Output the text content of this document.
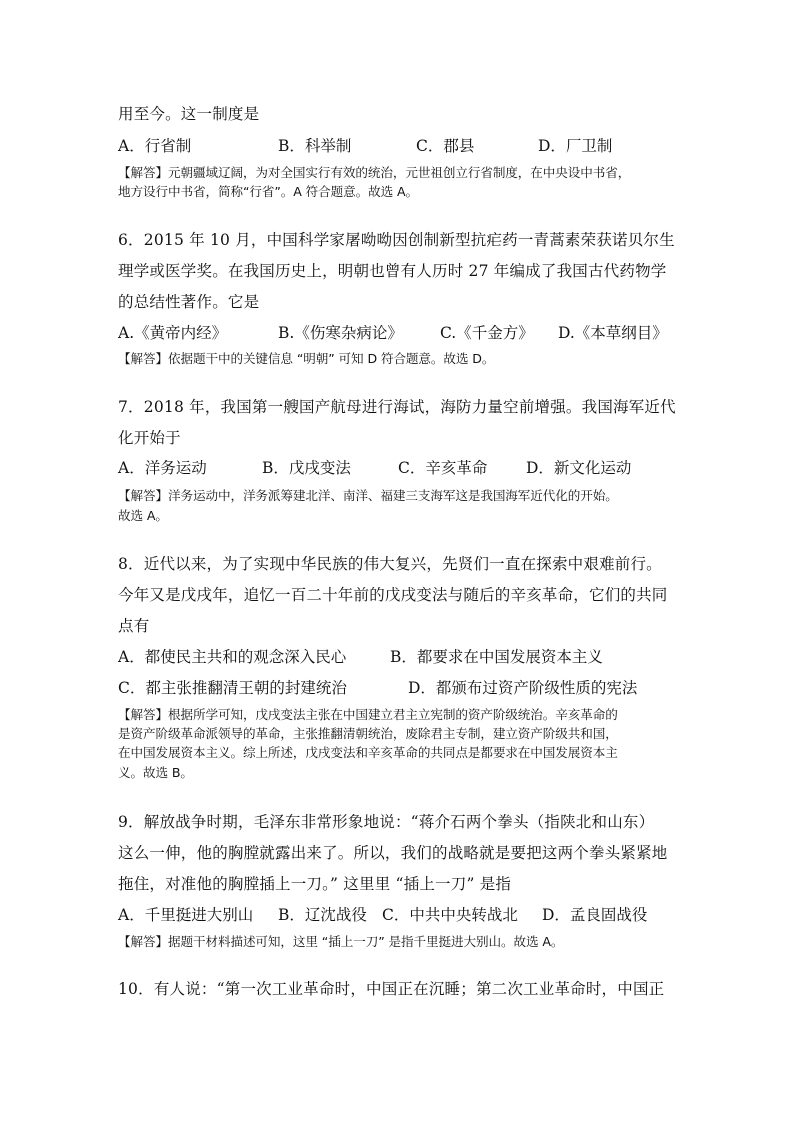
用至今。这一制度是
A．行省制	B．科举制	C．郡县	D．厂卫制
【解答】元朝疆域辽阔，为对全国实行有效的统治，元世祖创立行省制度，在中央设中书省，
地方设行中书省，简称“行省”。A 符合题意。故选 A。
6．2015 年 10 月，中国科学家屠呦呦因创制新型抗疟药一青蒿素荣获诺贝尔生
理学或医学奖。在我国历史上，明朝也曾有人历时 27 年编成了我国古代药物学
的总结性著作。它是
A.《黄帝内经》	B.《伤寒杂病论》 C.《千金方》 D.《本草纲目》
【解答】依据题干中的关键信息 “明朝” 可知 D 符合题意。故选 D。
7．2018 年，我国第一艘国产航母进行海试，海防力量空前增强。我国海军近代
化开始于
A．洋务运动	B．戊戌变法	C．辛亥革命 D．新文化运动
【解答】洋务运动中，洋务派筹建北洋、南洋、福建三支海军这是我国海军近代化的开始。
故选 A。
8．近代以来，为了实现中华民族的伟大复兴，先贤们一直在探索中艰难前行。
今年又是戊戌年，追忆一百二十年前的戊戌变法与随后的辛亥革命，它们的共同
点有
A．都使民主共和的观念深入民心	B．都要求在中国发展资本主义
C．都主张推翻清王朝的封建统治	D．都颁布过资产阶级性质的宪法
【解答】根据所学可知，戊戌变法主张在中国建立君主立宪制的资产阶级统治。辛亥革命的
是资产阶级革命派领导的革命，主张推翻清朝统治，废除君主专制，建立资产阶级共和国，
在中国发展资本主义。综上所述，戊戌变法和辛亥革命的共同点是都要求在中国发展资本主
义。故选 B。
9．解放战争时期，毛泽东非常形象地说：“蒋介石两个拳头（指陕北和山东）
这么一伸，他的胸膛就露出来了。所以，我们的战略就是要把这两个拳头紧紧地
拖住，对准他的胸膛插上一刀。” 这里里 “插上一刀” 是指
A．千里挺进大别山 B．辽沈战役 C．中共中央转战北 D．孟良固战役
【解答】据题干材料描述可知，这里 “插上一刀” 是指千里挺进大别山。故选 A。
10．有人说：“第一次工业革命时，中国正在沉睡；第二次工业革命时，中国正
